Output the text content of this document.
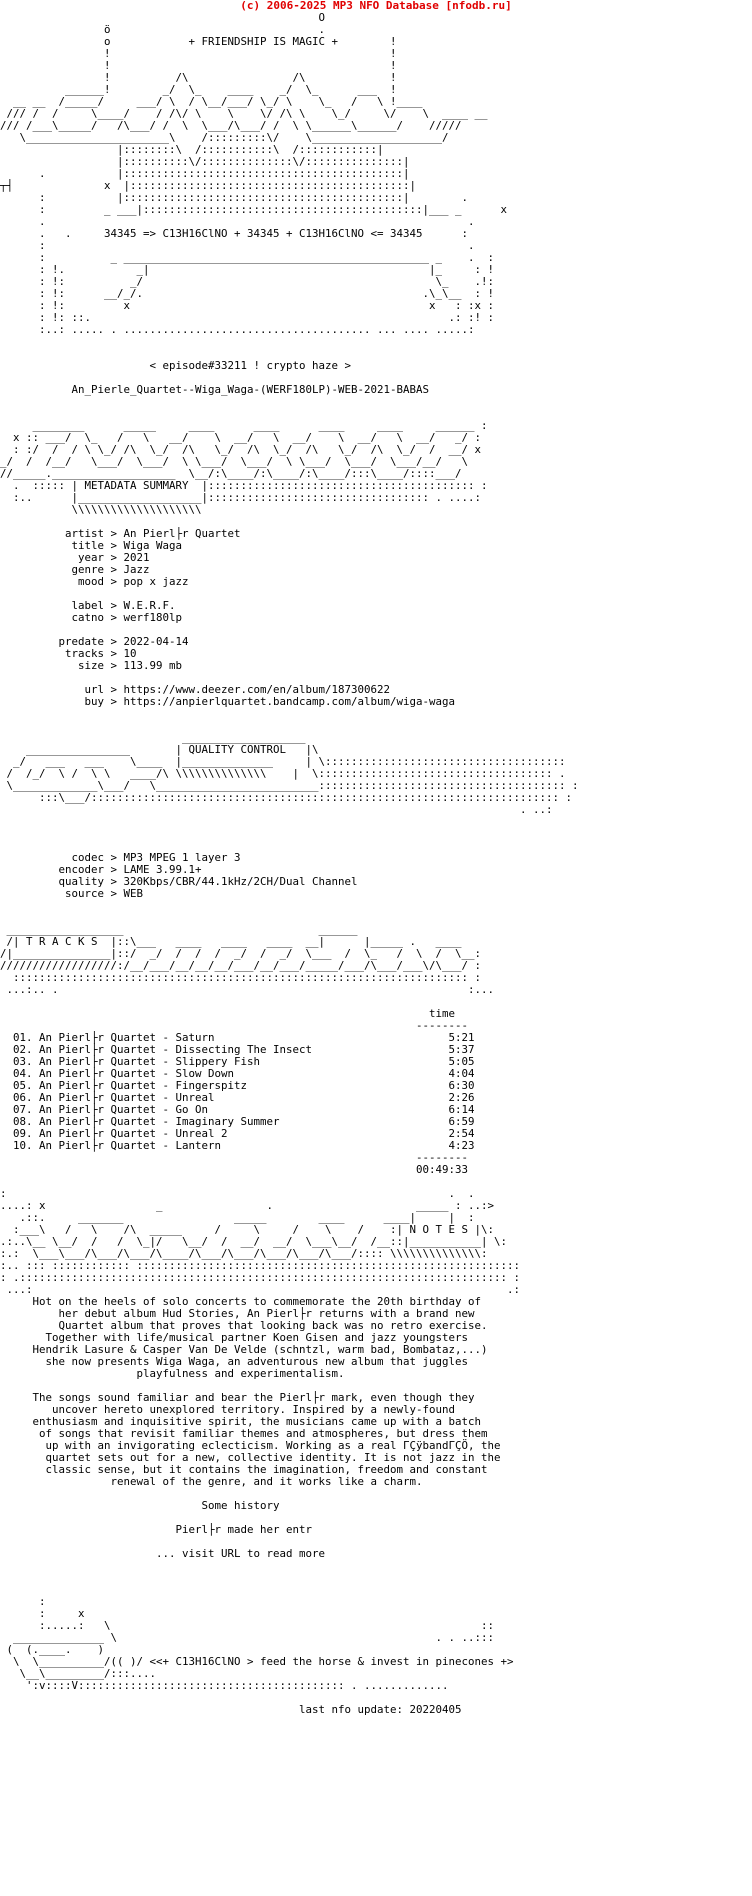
(c) 2006-2025 MP3 NFO Database [nfodb.ru]
O
ö                                .
o            + FRIENDSHIP IS MAGIC +        !
!                                           !
!                                           !
!          /\                /\             !
______!        _/  \_    ____    _/  \_      ___  !
__ __  /_____/     ___/ \  / \__/___/ \_/ \    \_   /   \ !____
/// /  /     \____/    / /\/ \    \    \/ /\ \    \_/     \/    \  ____ __
/// /___\_____/   /\___/ /  \  \___/\___/ /  \ \______\______/    /////
\______________________\    /:::::::::\/    \____________________/
|::::::::\  /:::::::::::\  /::::::::::::|
|::::::::::\/::::::::::::::\/:::::::::::::::|
.           |:::::::::::::::::::::::::::::::::::::::::::|
┬┤              x  |:::::::::::::::::::::::::::::::::::::::::::|
:           |:::::::::::::::::::::::::::::::::::::::::::|        .
:         _ ___|:::::::::::::::::::::::::::::::::::::::::::|___ _      x
.                                                                 .
.   .     34345 => C13H16ClNO + 34345 + C13H16ClNO <= 34345      :
:                                                                 .
:          _ _______________________________________________ _    .  :
: !.           _|                                           |_     : !
: !:          _/                                             \_    .!:
: !:      __/_/.                                           .\_\__  : !
: !:         x                                              x   : :x :
: !: ::.                                                       .: :! :
:..: ..... . ...................................... ... .... .....:

< episode#33211 ! crypto haze >

An_Pierle_Quartet--Wiga_Waga-(WERF180LP)-WEB-2021-BABAS

________      _____     ____      ____      ____     ____     ______ :
x :: ___/  \_   /   \   __/    \  __/   \  __/    \  __/   \  __/   _/ :
: :/  /  / \ \_/ /\  \_/  /\   \_/  /\  \_/  /\   \_/  /\  \_/  /  __/ x
_/  /  /__/   \___/  \___/  \ \___/  \___/  \ \___/  \___/  \___/__/   \
//_____.___________________  \__/:\____/:\____/:\____/:::\____/::::___/
.  ::::: | METADATA SUMMARY  |::::::::::::::::::::::::::::::::::::::::: :
:..      |___________________|:::::::::::::::::::::::::::::::::: . ....:
\\\\\\\\\\\\\\\\\\\\

artist > An Pierl├r Quartet
title > Wiga Waga
year > 2021
genre > Jazz
mood > pop x jazz

label > W.E.R.F.
catno > werf180lp

predate > 2022-04-14
tracks > 10
size > 113.99 mb

url > https://www.deezer.com/en/album/187300622
buy > https://anpierlquartet.bandcamp.com/album/wiga-waga

___________________
________________       | QUALITY CONTROL   |\
_/   ___   ___    \____  |______________     | \:::::::::::::::::::::::::::::::::::::
/  /_/  \ /  \ \   ____/\ \\\\\\\\\\\\\\    |  \:::::::::::::::::::::::::::::::::::: .
\_____________\___/   \_________________________:::::::::::::::::::::::::::::::::::::: :
:::\___/:::::::::::::::::::::::::::::::::::::::::::::::::::::::::::::::::::::::: :
. ..:

codec > MP3 MPEG 1 layer 3
encoder > LAME 3.99.1+
quality > 320Kbps/CBR/44.1kHz/2CH/Dual Channel
source > WEB

__________________                              ______
/| T R A C K S  |::\___   ____   ____   ____  __|      |_____ .   ____
/|_______________|::/  _/  /  /  /  _/  /  _/  \___  /  \_   /  \  /  \__:
//////////////////:/__/___/__/__/__/___/__/___/_____/___/\___/___\/\___/ :
:::::::::::::::::::::::::::::::::::::::::::::::::::::::::::::::::::::: :
...:.. .                                                               :...

time
--------
01. An Pierl├r Quartet - Saturn                                    5:21
02. An Pierl├r Quartet - Dissecting The Insect                     5:37
03. An Pierl├r Quartet - Slippery Fish                             5:05
04. An Pierl├r Quartet - Slow Down                                 4:04
05. An Pierl├r Quartet - Fingerspitz                               6:30
06. An Pierl├r Quartet - Unreal                                    2:26
07. An Pierl├r Quartet - Go On                                     6:14
08. An Pierl├r Quartet - Imaginary Summer                          6:59
09. An Pierl├r Quartet - Unreal 2                                  2:54
10. An Pierl├r Quartet - Lantern                                   4:23
--------
00:49:33

:                                                                    .  .
....: x                 _                .                      _____ : ..:>
.::.     _______                 _____        ____      ____|     |  :
:___\   /   \    /\  _____     /     \     /    \    /    :| N O T E S |\:
.:..\__ \__/  /   /  \_|/   \__/  /  __/  __/  \___\__/  /__::|___________| \:
:.:  \___\___/\___/\___/\____/\___/\___/\___/\___/\___/:::: \\\\\\\\\\\\\\:
:.. ::: :::::::::::: :::::::::::::::::::::::::::::::::::::::::::::::::::::::::::
: .::::::::::::::::::::::::::::::::::::::::::::::::::::::::::::::::::::::::::: :
...:                                                                         .:
Hot on the heels of solo concerts to commemorate the 20th birthday of
her debut album Hud Stories, An Pierl├r returns with a brand new
Quartet album that proves that looking back was no retro exercise.
Together with life/musical partner Koen Gisen and jazz youngsters
Hendrik Lasure & Casper Van De Velde (schntzl, warm bad, Bombataz,...)
she now presents Wiga Waga, an adventurous new album that juggles
playfulness and experimentalism.

The songs sound familiar and bear the Pierl├r mark, even though they
uncover hereto unexplored territory. Inspired by a newly-found
enthusiasm and inquisitive spirit, the musicians came up with a batch
of songs that revisit familiar themes and atmospheres, but dress them
up with an invigorating eclecticism. Working as a real ΓÇÿbandΓÇÖ, the
quartet sets out for a new, collective identity. It is not jazz in the
classic sense, but it contains the imagination, freedom and constant
renewal of the genre, and it works like a charm.

Some history

Pierl├r made her entr

... visit URL to read more

:
:     x
:.....:   \                                                         ::
______________ \                                                 . . ..:::
(  (.____.    )
\  \__________/(( )/ <<+ C13H16ClNO > feed the horse & invest in pinecones +>
\__\_________/:::....
':v::::V::::::::::::::::::::::::::::::::::::::::: . .............

last nfo update: 20220405
